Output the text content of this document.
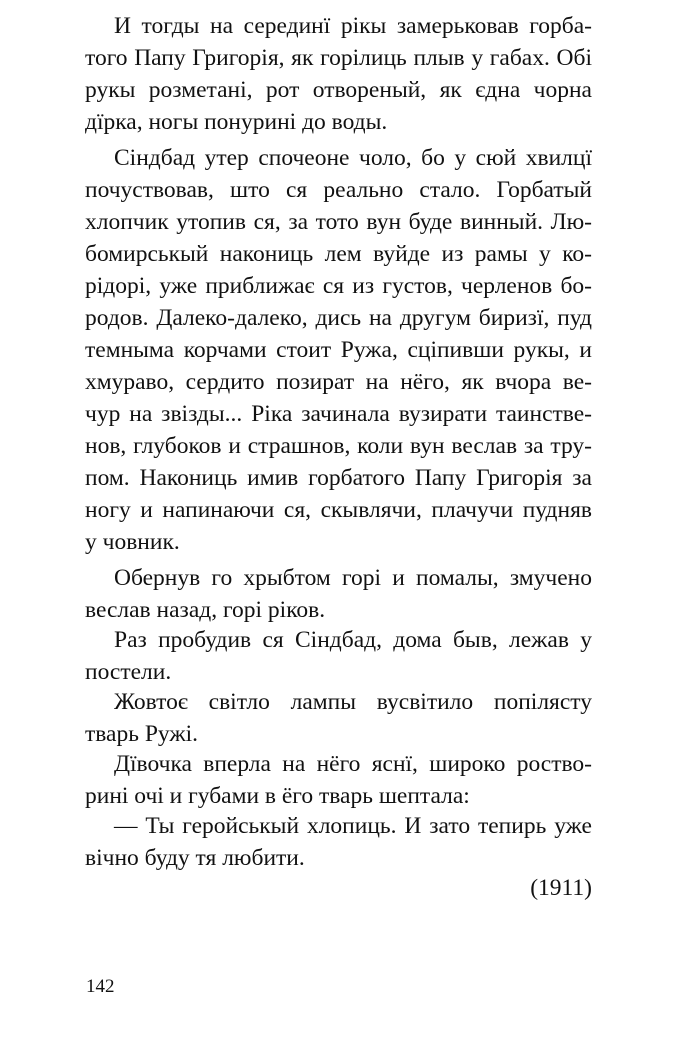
И тогды на серединї рікы замерьковав горба-
того Папу Григорія, як горілиць плыв у габах. Обі
рукы розметані, рот отвореный, як єдна чорна
дїрка, ногы понурині до воды.
Сіндбад утер спочеоне чоло, бо у сюй хвилцї
почуствовав, што ся реально стало. Горбатый
хлопчик утопив ся, за тото вун буде винный. Лю-
бомирськый накониць лем вуйде из рамы у ко-
рідорі, уже приближає ся из густов, черленов бо-
родов. Далеко-далеко, дись на другум биризї, пуд
темныма корчами стоит Ружа, сціпивши рукы, и
хмураво, сердито позират на нёго, як вчора ве-
чур на звiзды... Ріка зачинала вузирати таинстве-
нов, глубоков и страшнов, коли вун веслав за тру-
пом. Накониць имив горбатого Папу Григорія за
ногу и напинаючи ся, скывлячи, плачучи пудняв
у човник.
Обернув го хрыбтом горі и помалы, змучено
веслав назад, горі ріков.
Раз пробудив ся Сіндбад, дома быв, лежав у
постели.
Жовтоє світло лампы вусвітило попілясту
тварь Ружі.
Дївочка вперла на нёго яснї, широко роство-
рині очі и губами в ёго тварь шептала:
— Ты геройськый хлопиць. И зато тепирь уже
вічно буду тя любити.
(1911)
142
